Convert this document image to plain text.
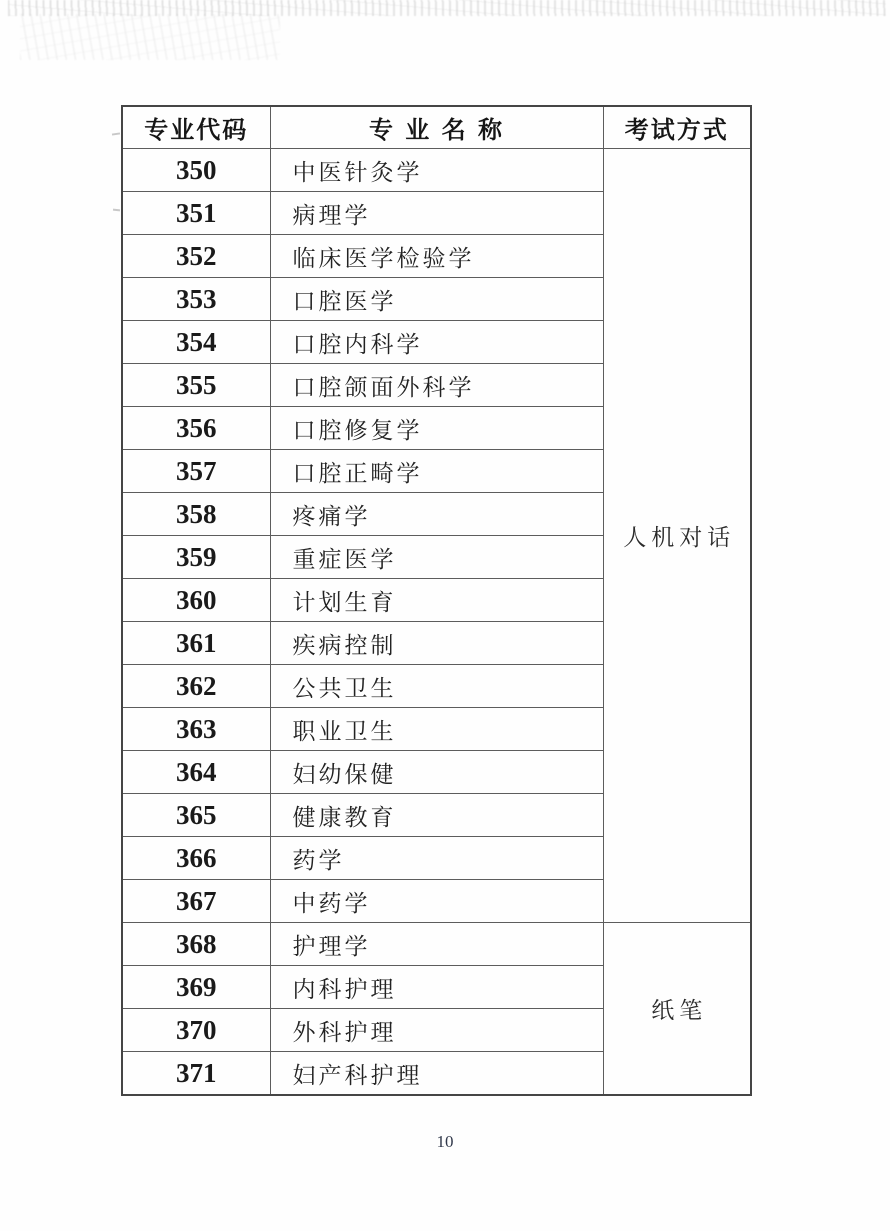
专业代码	专 业 名 称	考试方式
350	中医针灸学	人机对话
351	病理学	
352	临床医学检验学	
353	口腔医学	
354	口腔内科学	
355	口腔颌面外科学	
356	口腔修复学	
357	口腔正畸学	
358	疼痛学	
359	重症医学	
360	计划生育	
361	疾病控制	
362	公共卫生	
363	职业卫生	
364	妇幼保健	
365	健康教育	
366	药学	
367	中药学	
368	护理学	纸笔
369	内科护理	
370	外科护理	
371	妇产科护理	
10
